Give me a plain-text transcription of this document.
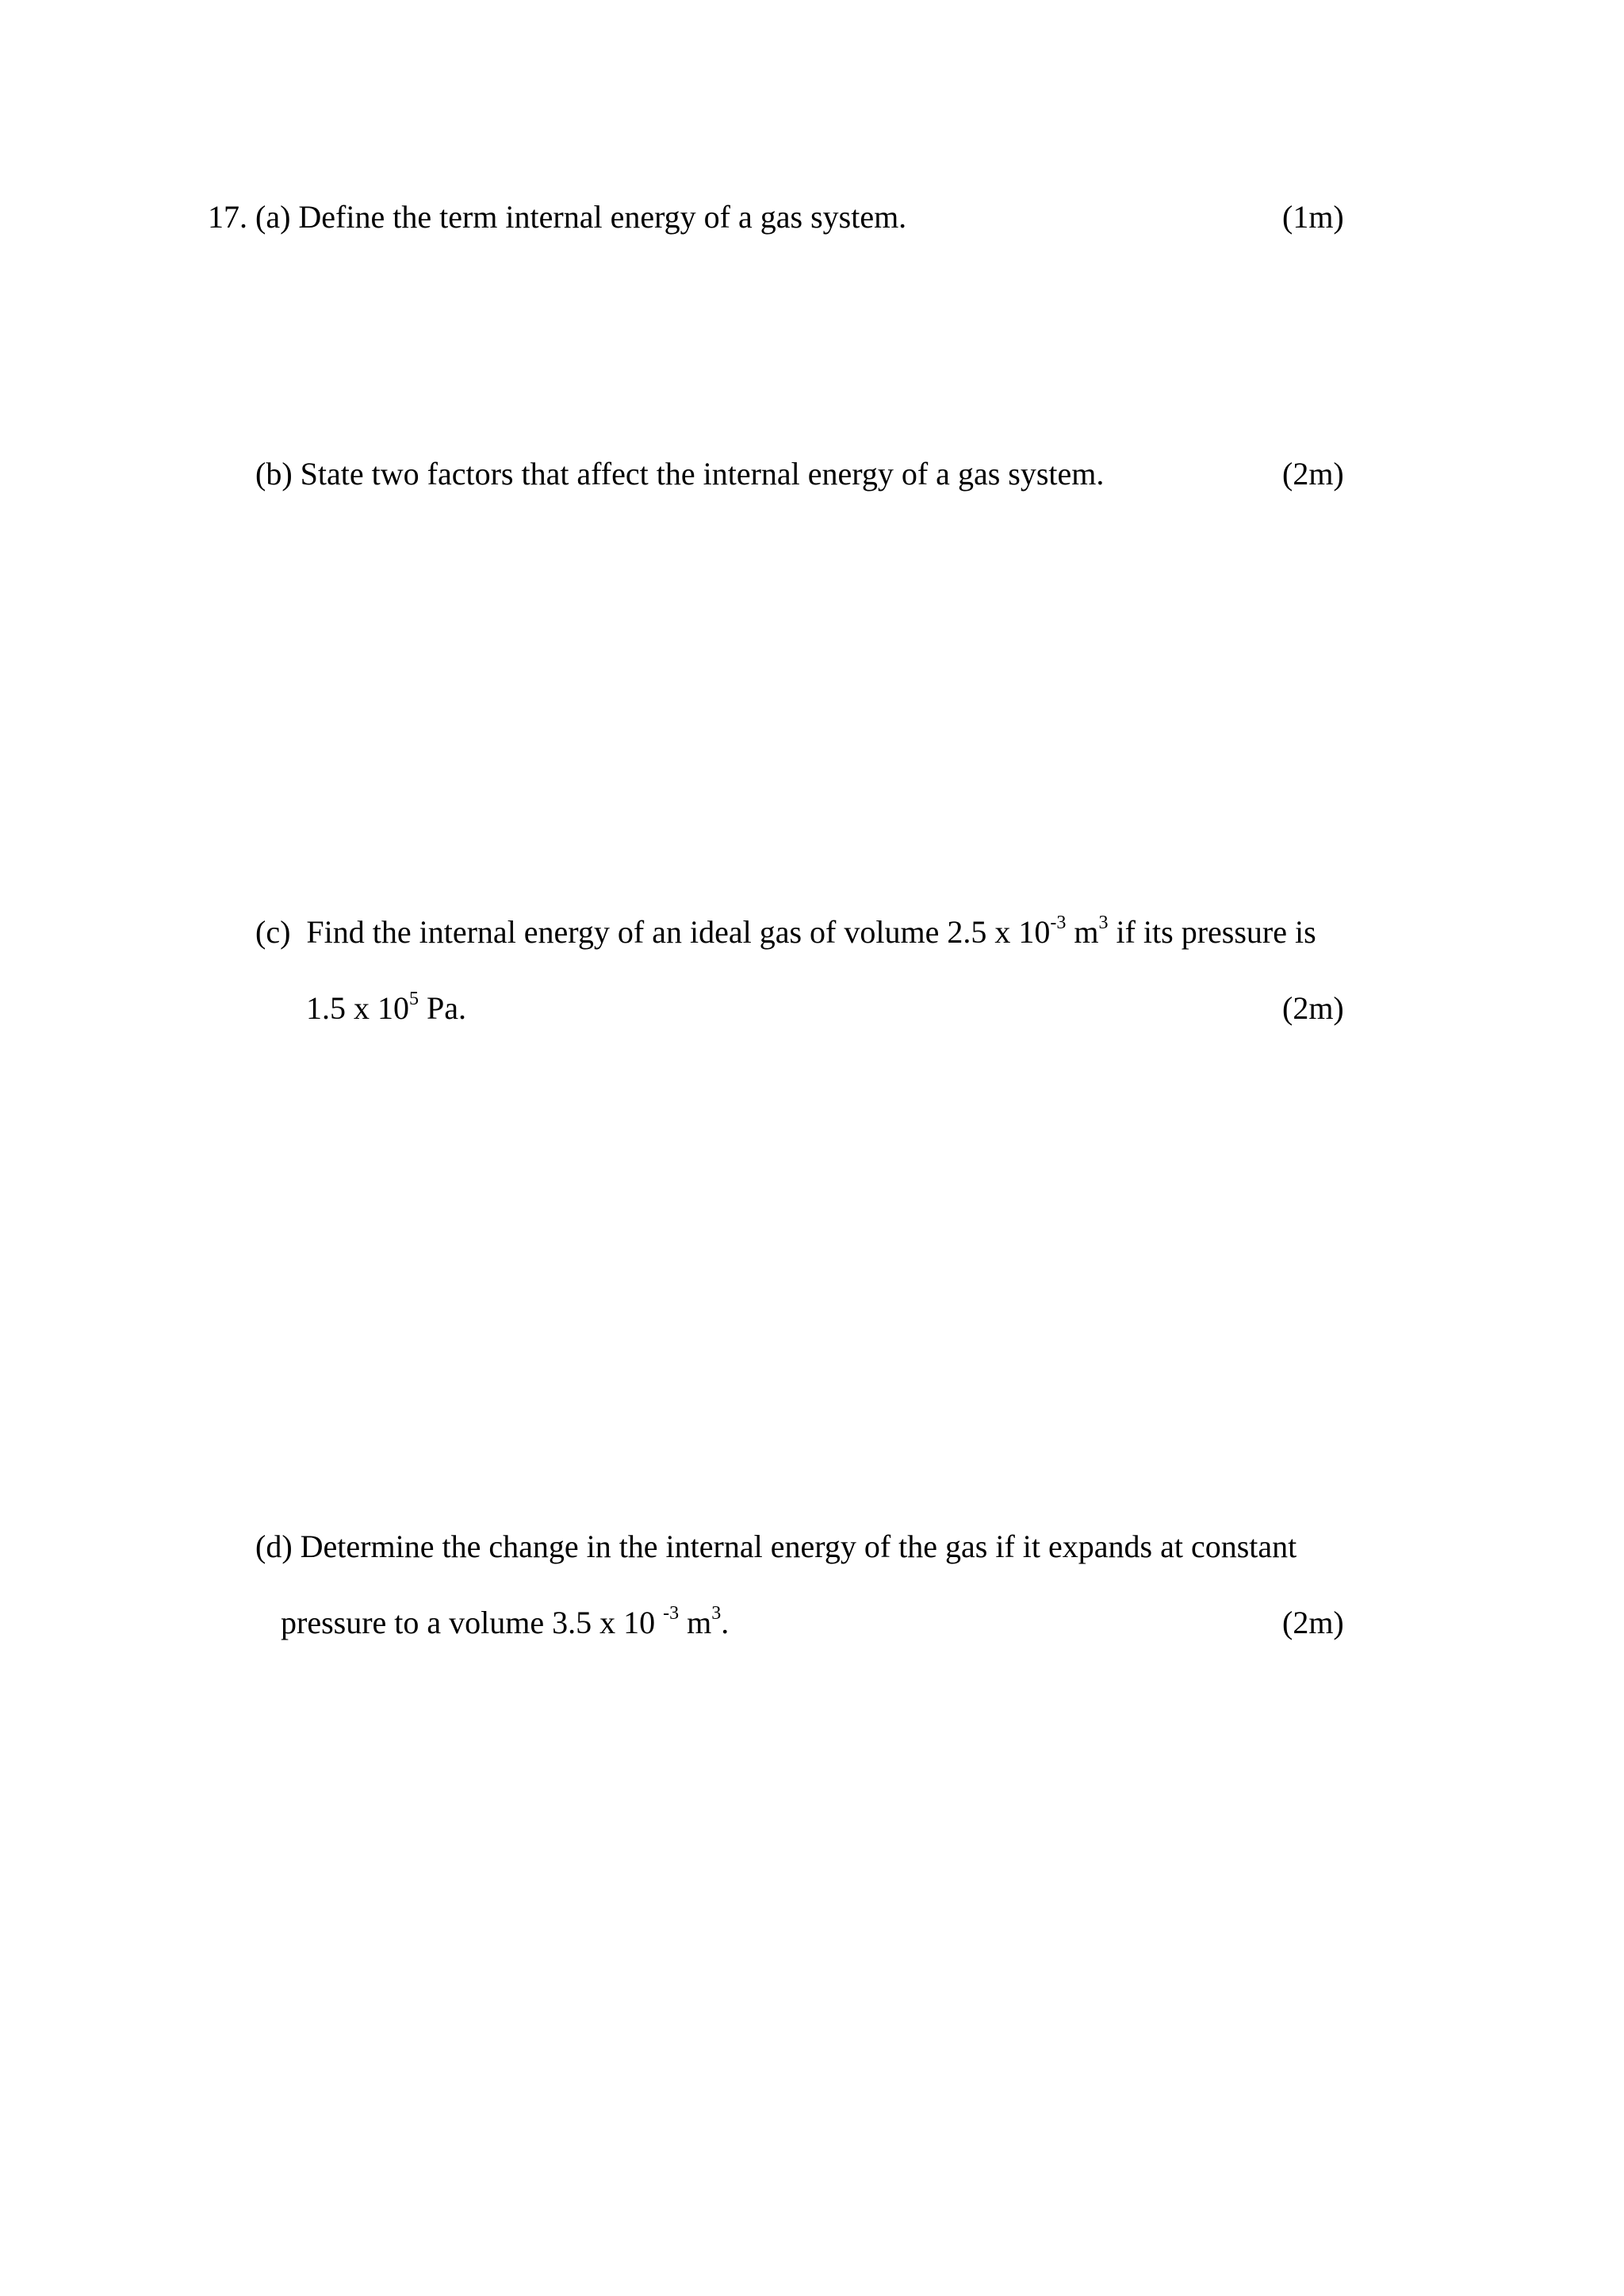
17. (a) Define the term internal energy of a gas system.	(1m)
(b) State two factors that affect the internal energy of a gas system.	(2m)
(c) Find the internal energy of an ideal gas of volume 2.5 x $10^{-3}$ $m^3$ if its pressure is
1.5 x $10^5$ Pa.	(2m)
(d) Determine the change in the internal energy of the gas if it expands at constant
pressure to a volume 3.5 x 10 $^{-3}$ $m^3$.	(2m)
